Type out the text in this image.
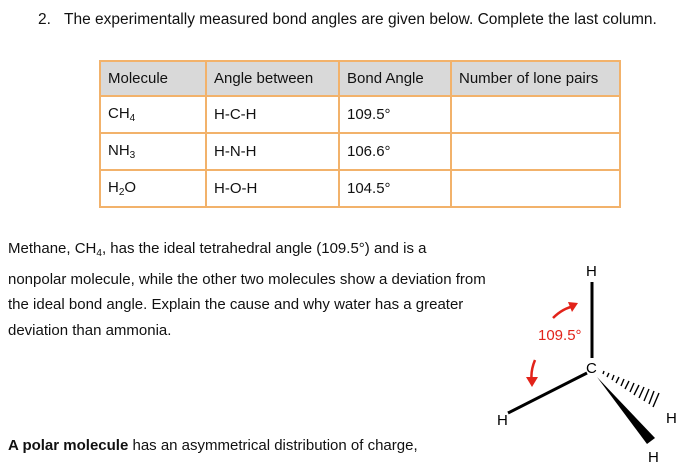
2. The experimentally measured bond angles are given below. Complete the last column.
Molecule	Angle between	Bond Angle	Number of lone pairs
$CH_4$	H-C-H	109.5°	
$NH_3$	H-N-H	106.6°	
$H_2O$	H-O-H	104.5°	
Methane, $CH_4$, has the ideal tetrahedral angle (109.5°) and is a nonpolar molecule, while the other two molecules show a deviation from the ideal bond angle. Explain the cause and why water has a greater deviation than ammonia.
A polar molecule has an asymmetrical distribution of charge,
109.5°
C
H
H	H
H
